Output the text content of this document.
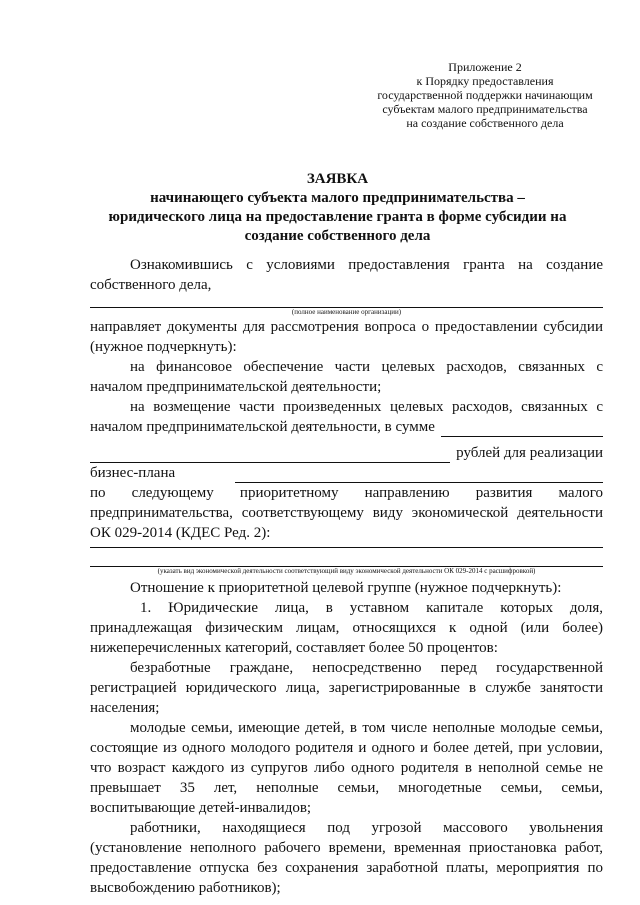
Приложение 2
к Порядку предоставления
государственной поддержки начинающим
субъектам малого предпринимательства
на создание собственного дела
ЗАЯВКА
начинающего субъекта малого предпринимательства –
юридического лица на предоставление гранта в форме субсидии на
создание собственного дела

Ознакомившись с условиями предоставления гранта на создание

собственного дела,

(полное наименование организации)

направляет документы для рассмотрения вопроса о предоставлении субсидии

(нужное подчеркнуть):

на финансовое обеспечение части целевых расходов, связанных с началом предпринимательской деятельности;

на возмещение части произведенных целевых расходов, связанных с

началом предпринимательской деятельности, в сумме
рублей для реализации
бизнес-плана

по следующему приоритетному направлению развития малого

предпринимательства, соответствующему виду экономической деятельности

ОК 029-2014 (КДЕС Ред. 2):

(указать вид экономической деятельности соответствующий виду экономической деятельности ОК 029-2014 с расшифровкой)

Отношение к приоритетной целевой группе (нужное подчеркнуть):

1. Юридические лица, в уставном капитале которых доля, принадлежащая физическим лицам, относящихся к одной (или более) нижеперечисленных категорий, составляет более 50 процентов:

безработные граждане, непосредственно перед государственной регистрацией юридического лица, зарегистрированные в службе занятости населения;

молодые семьи, имеющие детей, в том числе неполные молодые семьи, состоящие из одного молодого родителя и одного и более детей, при условии, что возраст каждого из супругов либо одного родителя в неполной семье не превышает 35 лет, неполные семьи, многодетные семьи, семьи, воспитывающие детей-инвалидов;

работники, находящиеся под угрозой массового увольнения (установление неполного рабочего времени, временная приостановка работ, предоставление отпуска без сохранения заработной платы, мероприятия по высвобождению работников);
